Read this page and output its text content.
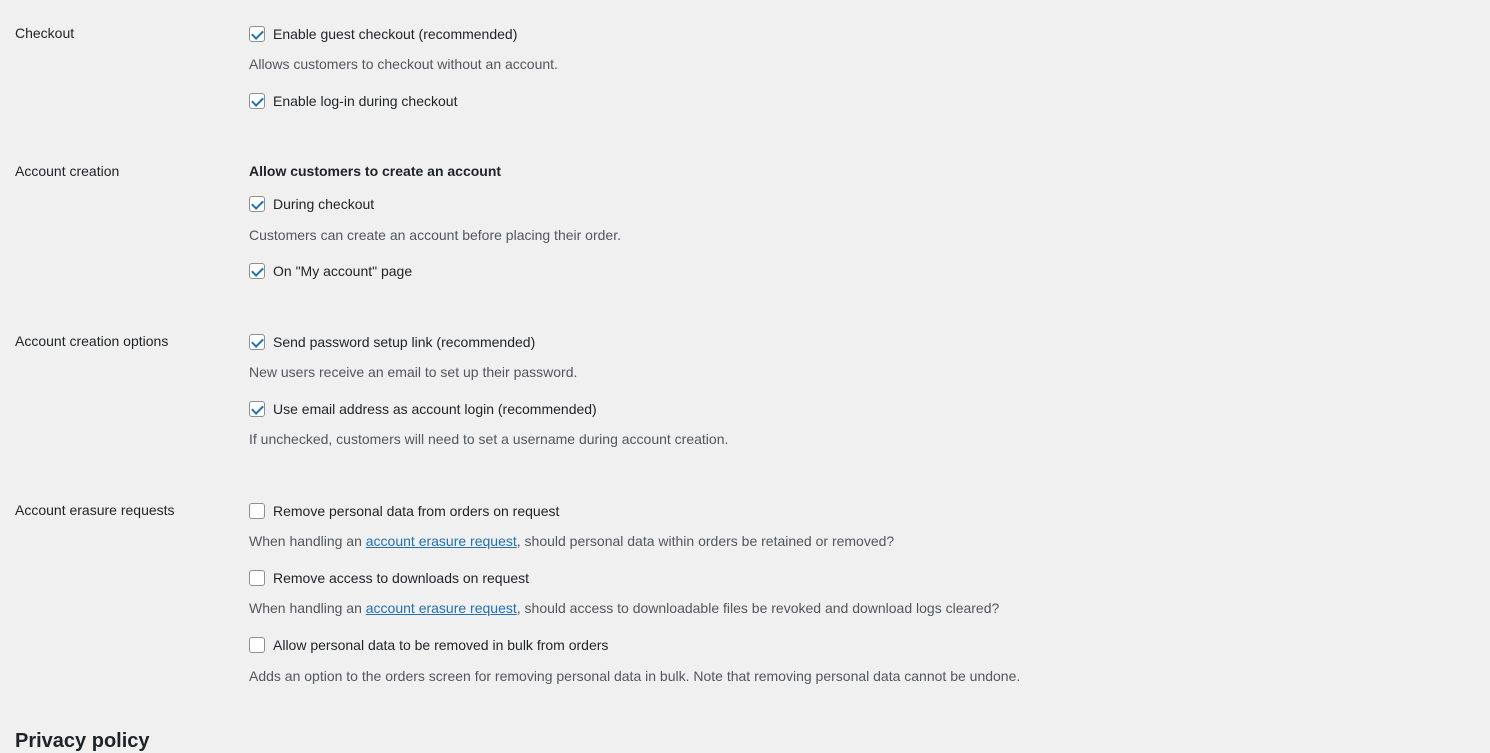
Checkout	Enable guest checkout (recommended)
Allows customers to checkout without an account.
Enable log-in during checkout
Account creation	Allow customers to create an account
During checkout
Customers can create an account before placing their order.
On "My account" page
Account creation options	Send password setup link (recommended)
New users receive an email to set up their password.
Use email address as account login (recommended)
If unchecked, customers will need to set a username during account creation.
Account erasure requests	Remove personal data from orders on request
When handling an account erasure request, should personal data within orders be retained or removed?
Remove access to downloads on request
When handling an account erasure request, should access to downloadable files be revoked and download logs cleared?
Allow personal data to be removed in bulk from orders
Adds an option to the orders screen for removing personal data in bulk. Note that removing personal data cannot be undone.
Privacy policy
